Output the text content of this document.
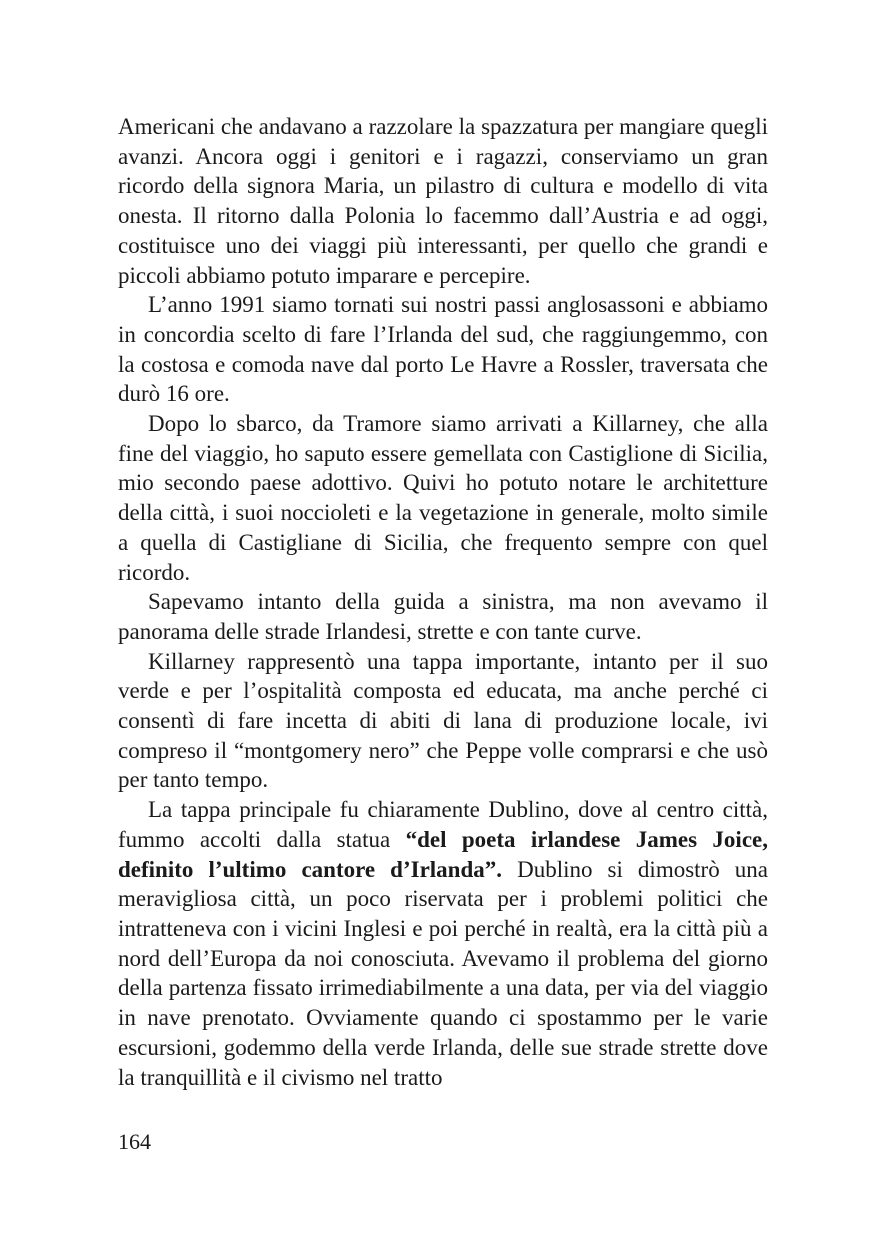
Americani che andavano a razzolare la spazzatura per mangiare quegli avanzi. Ancora oggi i genitori e i ragazzi, conserviamo un gran ricordo della signora Maria, un pilastro di cultura e modello di vita onesta. Il ritorno dalla Polonia lo facemmo dall’Austria e ad oggi, costituisce uno dei viaggi più interessanti, per quello che grandi e piccoli abbiamo potuto imparare e percepire.

L’anno 1991 siamo tornati sui nostri passi anglosassoni e abbiamo in concordia scelto di fare l’Irlanda del sud, che raggiungemmo, con la costosa e comoda nave dal porto Le Havre a Rossler, traversata che durò 16 ore.

Dopo lo sbarco, da Tramore siamo arrivati a Killarney, che alla fine del viaggio, ho saputo essere gemellata con Castiglione di Sicilia, mio secondo paese adottivo. Quivi ho potuto notare le architetture della città, i suoi noccioleti e la vegetazione in generale, molto simile a quella di Castigliane di Sicilia, che frequento sempre con quel ricordo.

Sapevamo intanto della guida a sinistra, ma non avevamo il panorama delle strade Irlandesi, strette e con tante curve.

Killarney rappresentò una tappa importante, intanto per il suo verde e per l’ospitalità composta ed educata, ma anche perché ci consentì di fare incetta di abiti di lana di produzione locale, ivi compreso il “montgomery nero” che Peppe volle comprarsi e che usò per tanto tempo.

La tappa principale fu chiaramente Dublino, dove al centro città, fummo accolti dalla statua “del poeta irlandese James Joice, definito l’ultimo cantore d’Irlanda”. Dublino si dimostrò una meravigliosa città, un poco riservata per i problemi politici che intratteneva con i vicini Inglesi e poi perché in realtà, era la città più a nord dell’Europa da noi conosciuta. Avevamo il problema del giorno della partenza fissato irrimediabilmente a una data, per via del viaggio in nave prenotato. Ovviamente quando ci spostammo per le varie escursioni, godemmo della verde Irlanda, delle sue strade strette dove la tranquillità e il civismo nel tratto

164
